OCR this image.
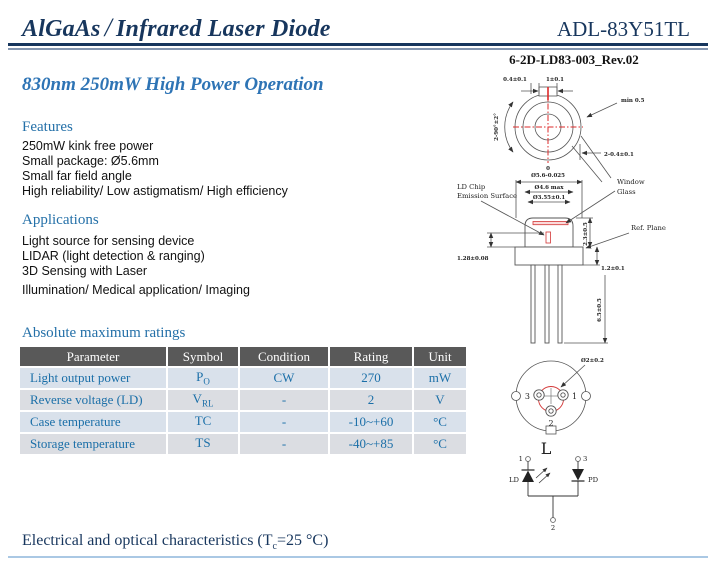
AlGaAs / Infrared Laser Diode	ADL-83Y51TL
830nm 250mW High Power Operation
6-2D-LD83-003_Rev.02
Features
250mW kink free power
Small package: Ø5.6mm
Small far field angle
High reliability/ Low astigmatism/ High efficiency
Applications
Light source for sensing device
LIDAR (light detection & ranging)
3D Sensing with Laser
Illumination/ Medical application/ Imaging
Absolute maximum ratings
Parameter	Symbol	Condition	Rating	Unit
Light output power	$P_O$	CW	270	mW
Reverse voltage (LD)	$V_{RL}$	-	2	V
Case temperature	TC	-	-10~+60	°C
Storage temperature	TS	-	-40~+85	°C
Electrical and optical characteristics ($T_c=25$ °C)
0.4±0.1	1±0.1
min 0.5
2-90°±2°
2-0.4±0.1
0
Ø5.6-0.025
Ø4.6 max
Ø3.55±0.1
LD Chip
Emission Surface
Window
Glass
Ref. Plane
1.28±0.08
2.3±0.5
1.2±0.1
6.5±0.5
3	1
2
Ø2±0.2
L
LD	PD
1	3
2
